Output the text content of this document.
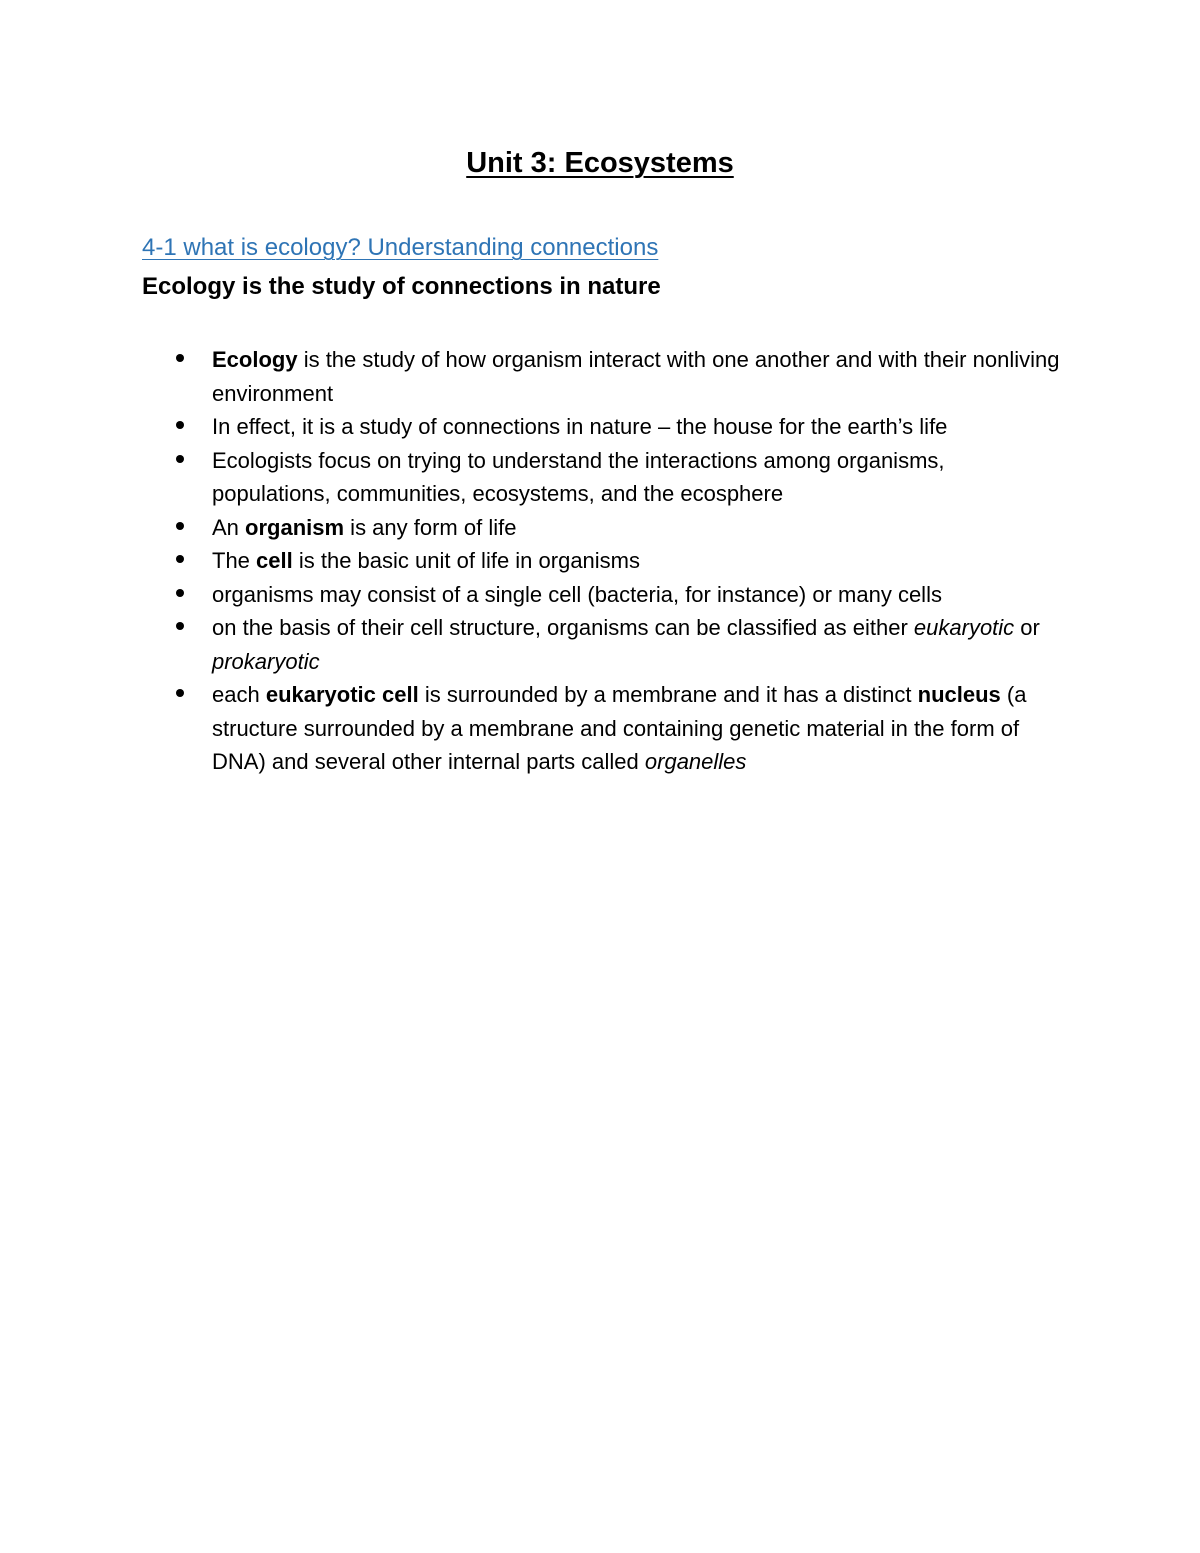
Unit 3: Ecosystems

4-1 what is ecology? Understanding connections

Ecology is the study of connections in nature

Ecology is the study of how organism interact with one another and with their nonliving environment
In effect, it is a study of connections in nature – the house for the earth’s life
Ecologists focus on trying to understand the interactions among organisms, populations, communities, ecosystems, and the ecosphere
An organism is any form of life
The cell is the basic unit of life in organisms
organisms may consist of a single cell (bacteria, for instance) or many cells
on the basis of their cell structure, organisms can be classified as either eukaryotic or prokaryotic
each eukaryotic cell is surrounded by a membrane and it has a distinct nucleus (a structure surrounded by a membrane and containing genetic material in the form of DNA) and several other internal parts called organelles
